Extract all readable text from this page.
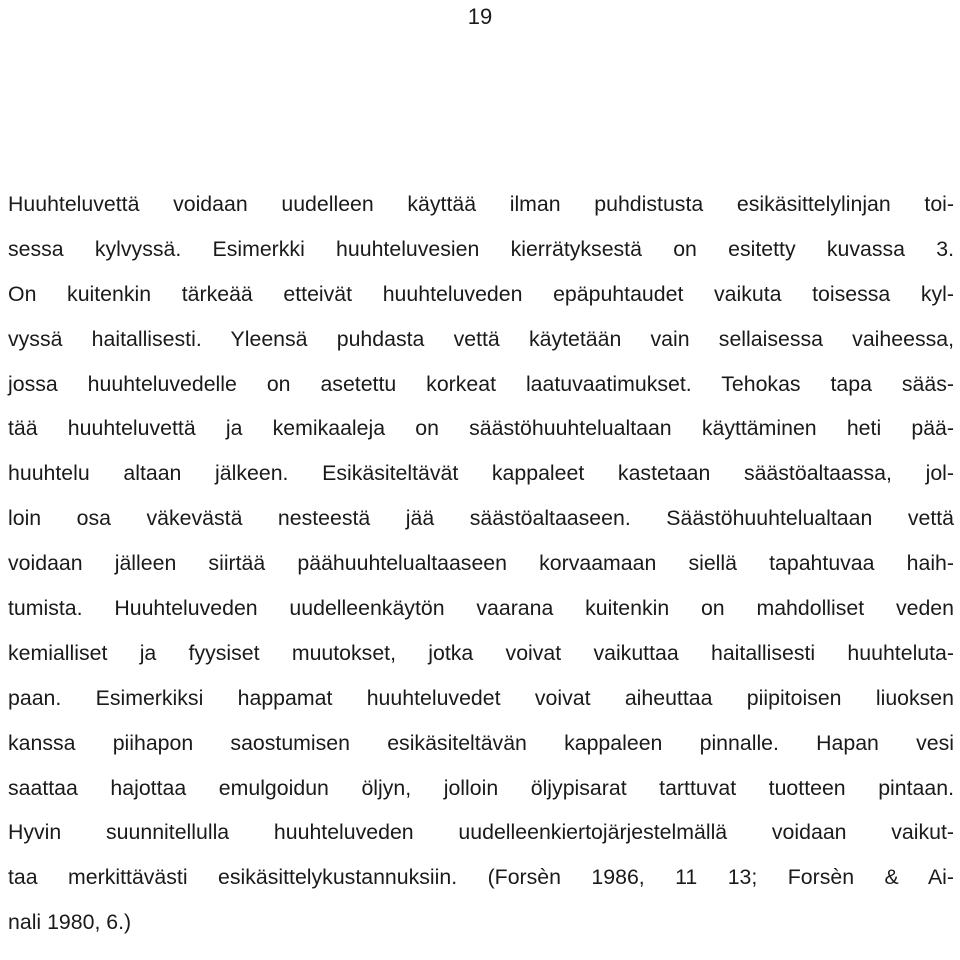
19
Huuhteluvettä voidaan uudelleen käyttää ilman puhdistusta esikäsittelylinjan toi-
sessa kylvyssä. Esimerkki huuhteluvesien kierrätyksestä on esitetty kuvassa 3.
On kuitenkin tärkeää etteivät huuhteluveden epäpuhtaudet vaikuta toisessa kyl-
vyssä haitallisesti. Yleensä puhdasta vettä käytetään vain sellaisessa vaiheessa,
jossa huuhteluvedelle on asetettu korkeat laatuvaatimukset. Tehokas tapa sääs-
tää huuhteluvettä ja kemikaaleja on säästöhuuhtelualtaan käyttäminen heti pää-
huuhtelu altaan jälkeen. Esikäsiteltävät kappaleet kastetaan säästöaltaassa, jol-
loin osa väkevästä nesteestä jää säästöaltaaseen. Säästöhuuhtelualtaan vettä
voidaan jälleen siirtää päähuuhtelualtaaseen korvaamaan siellä tapahtuvaa haih-
tumista. Huuhteluveden uudelleenkäytön vaarana kuitenkin on mahdolliset veden
kemialliset ja fyysiset muutokset, jotka voivat vaikuttaa haitallisesti huuhteluta-
paan. Esimerkiksi happamat huuhteluvedet voivat aiheuttaa piipitoisen liuoksen
kanssa piihapon saostumisen esikäsiteltävän kappaleen pinnalle. Hapan vesi
saattaa hajottaa emulgoidun öljyn, jolloin öljypisarat tarttuvat tuotteen pintaan.
Hyvin suunnitellulla huuhteluveden uudelleenkiertojärjestelmällä voidaan vaikut-
taa merkittävästi esikäsittelykustannuksiin. (Forsèn 1986, 11 13; Forsèn & Ai-
nali 1980, 6.)
